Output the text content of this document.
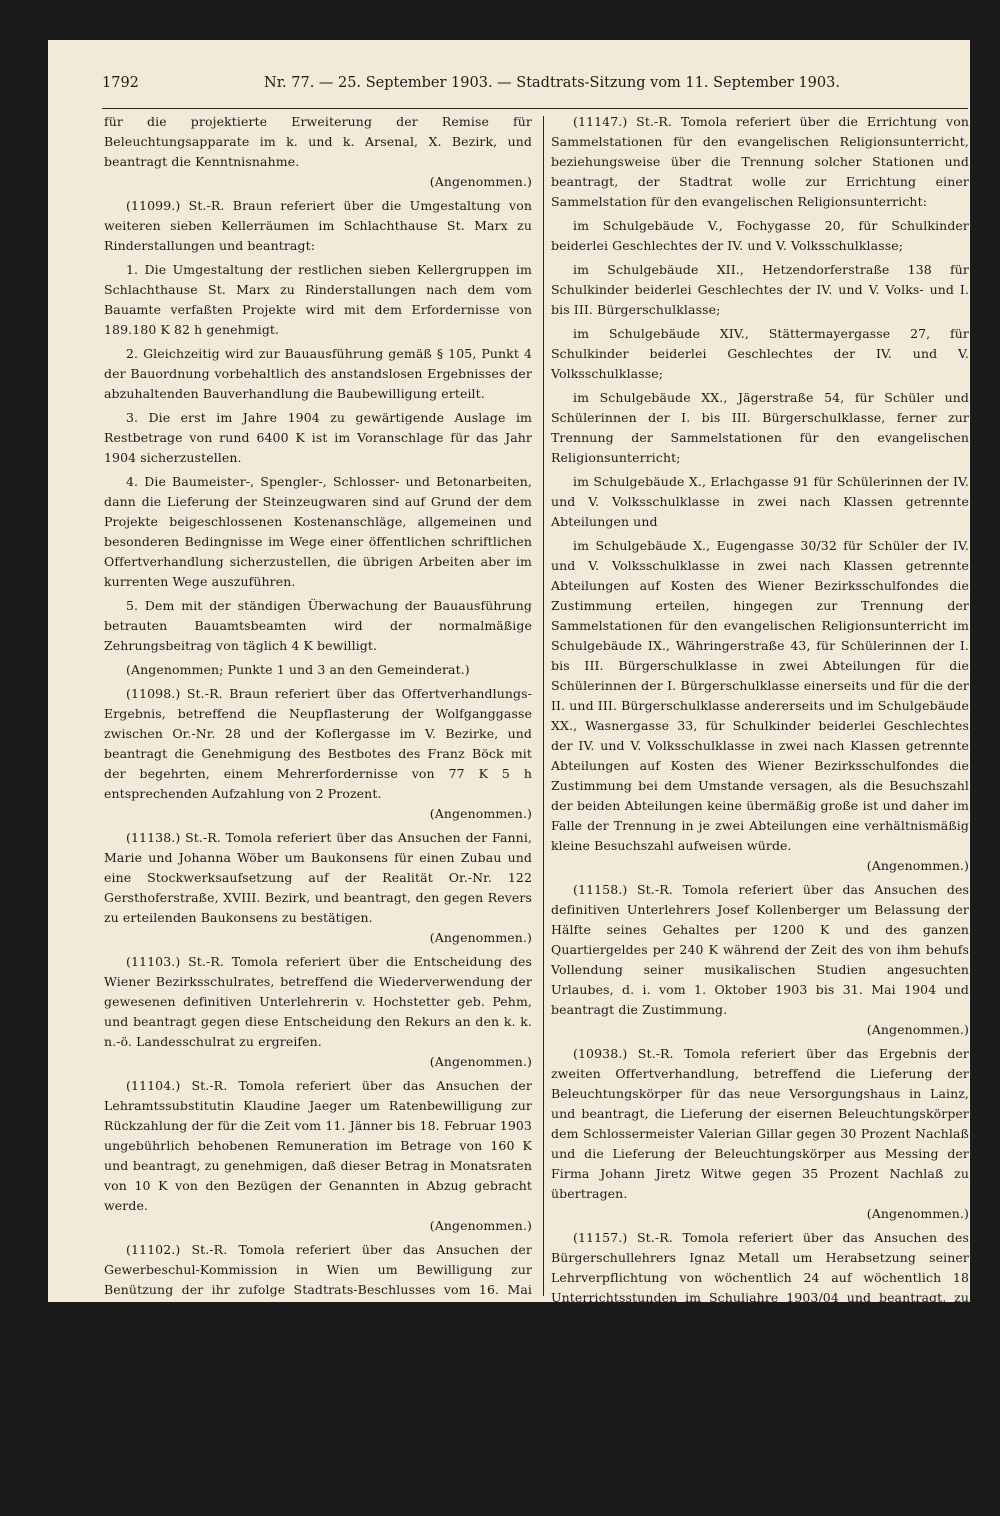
1792	Nr. 77. — 25. September 1903. — Stadtrats-Sitzung vom 11. September 1903.

für die projektierte Erweiterung der Remise für Beleuchtungsapparate im k. und k. Arsenal, X. Bezirk, und beantragt die Kenntnisnahme.
(Angenommen.)

(11099.) St.-R. Braun referiert über die Umgestaltung von weiteren sieben Kellerräumen im Schlachthause St. Marx zu Rinderstallungen und beantragt:

1. Die Umgestaltung der restlichen sieben Kellergruppen im Schlachthause St. Marx zu Rinderstallungen nach dem vom Bauamte verfaßten Projekte wird mit dem Erfordernisse von 189.180 K 82 h genehmigt.

2. Gleichzeitig wird zur Bauausführung gemäß § 105, Punkt 4 der Bauordnung vorbehaltlich des anstandslosen Ergebnisses der abzuhaltenden Bauverhandlung die Baubewilligung erteilt.

3. Die erst im Jahre 1904 zu gewärtigende Auslage im Restbetrage von rund 6400 K ist im Voranschlage für das Jahr 1904 sicherzustellen.

4. Die Baumeister-, Spengler-, Schlosser- und Betonarbeiten, dann die Lieferung der Steinzeugwaren sind auf Grund der dem Projekte beigeschlossenen Kostenanschläge, allgemeinen und besonderen Bedingnisse im Wege einer öffentlichen schriftlichen Offertverhandlung sicherzustellen, die übrigen Arbeiten aber im kurrenten Wege auszuführen.

5. Dem mit der ständigen Überwachung der Bauausführung betrauten Bauamtsbeamten wird der normalmäßige Zehrungsbeitrag von täglich 4 K bewilligt.

(Angenommen; Punkte 1 und 3 an den Gemeinderat.)

(11098.) St.-R. Braun referiert über das Offertverhandlungs-Ergebnis, betreffend die Neupflasterung der Wolfganggasse zwischen Or.-Nr. 28 und der Koflergasse im V. Bezirke, und beantragt die Genehmigung des Bestbotes des Franz Böck mit der begehrten, einem Mehrerfordernisse von 77 K 5 h entsprechenden Aufzahlung von 2 Prozent.
(Angenommen.)

(11138.) St.-R. Tomola referiert über das Ansuchen der Fanni, Marie und Johanna Wöber um Baukonsens für einen Zubau und eine Stockwerksaufsetzung auf der Realität Or.-Nr. 122 Gersthoferstraße, XVIII. Bezirk, und beantragt, den gegen Revers zu erteilenden Baukonsens zu bestätigen.
(Angenommen.)

(11103.) St.-R. Tomola referiert über die Entscheidung des Wiener Bezirksschulrates, betreffend die Wiederverwendung der gewesenen definitiven Unterlehrerin v. Hochstetter geb. Pehm, und beantragt gegen diese Entscheidung den Rekurs an den k. k. n.-ö. Landesschulrat zu ergreifen.
(Angenommen.)

(11104.) St.-R. Tomola referiert über das Ansuchen der Lehramtssubstitutin Klaudine Jaeger um Ratenbewilligung zur Rückzahlung der für die Zeit vom 11. Jänner bis 18. Februar 1903 ungebührlich behobenen Remuneration im Betrage von 160 K und beantragt, zu genehmigen, daß dieser Betrag in Monatsraten von 10 K von den Bezügen der Genannten in Abzug gebracht werde.
(Angenommen.)

(11102.) St.-R. Tomola referiert über das Ansuchen der Gewerbeschul-Kommission in Wien um Bewilligung zur Benützung der ihr zufolge Stadtrats-Beschlusses vom 16. Mai 1903, Z. 6072, für die Zwecke der gewerblichen Fortbildungsschule überlassenen Räumlichkeiten der Knaben-Bürgerschule III., Hörnesgasse 12, statt an Mittwochen an Donnerstagen und beantragt die Genehmigung nach dem Magistrats-Antrage.
(Angenommen.)

(11147.) St.-R. Tomola referiert über die Errichtung von Sammelstationen für den evangelischen Religionsunterricht, beziehungsweise über die Trennung solcher Stationen und beantragt, der Stadtrat wolle zur Errichtung einer Sammelstation für den evangelischen Religionsunterricht:

im Schulgebäude V., Fochygasse 20, für Schulkinder beiderlei Geschlechtes der IV. und V. Volksschulklasse;

im Schulgebäude XII., Hetzendorferstraße 138 für Schulkinder beiderlei Geschlechtes der IV. und V. Volks- und I. bis III. Bürgerschulklasse;

im Schulgebäude XIV., Stättermayergasse 27, für Schulkinder beiderlei Geschlechtes der IV. und V. Volksschulklasse;

im Schulgebäude XX., Jägerstraße 54, für Schüler und Schülerinnen der I. bis III. Bürgerschulklasse, ferner zur Trennung der Sammelstationen für den evangelischen Religionsunterricht;

im Schulgebäude X., Erlachgasse 91 für Schülerinnen der IV. und V. Volksschulklasse in zwei nach Klassen getrennte Abteilungen und

im Schulgebäude X., Eugengasse 30/32 für Schüler der IV. und V. Volksschulklasse in zwei nach Klassen getrennte Abteilungen auf Kosten des Wiener Bezirksschulfondes die Zustimmung erteilen, hingegen zur Trennung der Sammelstationen für den evangelischen Religionsunterricht im Schulgebäude IX., Währingerstraße 43, für Schülerinnen der I. bis III. Bürgerschulklasse in zwei Abteilungen für die Schülerinnen der I. Bürgerschulklasse einerseits und für die der II. und III. Bürgerschulklasse andererseits und im Schulgebäude XX., Wasnergasse 33, für Schulkinder beiderlei Geschlechtes der IV. und V. Volksschulklasse in zwei nach Klassen getrennte Abteilungen auf Kosten des Wiener Bezirksschulfondes die Zustimmung bei dem Umstande versagen, als die Besuchszahl der beiden Abteilungen keine übermäßig große ist und daher im Falle der Trennung in je zwei Abteilungen eine verhältnismäßig kleine Besuchszahl aufweisen würde.
(Angenommen.)

(11158.) St.-R. Tomola referiert über das Ansuchen des definitiven Unterlehrers Josef Kollenberger um Belassung der Hälfte seines Gehaltes per 1200 K und des ganzen Quartiergeldes per 240 K während der Zeit des von ihm behufs Vollendung seiner musikalischen Studien angesuchten Urlaubes, d. i. vom 1. Oktober 1903 bis 31. Mai 1904 und beantragt die Zustimmung.
(Angenommen.)

(10938.) St.-R. Tomola referiert über das Ergebnis der zweiten Offertverhandlung, betreffend die Lieferung der Beleuchtungskörper für das neue Versorgungshaus in Lainz, und beantragt, die Lieferung der eisernen Beleuchtungskörper dem Schlossermeister Valerian Gillar gegen 30 Prozent Nachlaß und die Lieferung der Beleuchtungskörper aus Messing der Firma Johann Jiretz Witwe gegen 35 Prozent Nachlaß zu übertragen.
(Angenommen.)

(11157.) St.-R. Tomola referiert über das Ansuchen des Bürgerschullehrers Ignaz Metall um Herabsetzung seiner Lehrverpflichtung von wöchentlich 24 auf wöchentlich 18 Unterrichtsstunden im Schuljahre 1903/04 und beantragt, zu dieser Herabsetzung gegen Ersatz der erwachsenden Supplierungskosten die Zustimmung zu erteilen.
(Angenommen.)

(11156.) St.-R. Tomola referiert über das Ansuchen der Gesellschaft zur Gründung eines österreichischen Schulmuseums um leihweise Überlassung von Einrichtungsgegenständen der ehemaligen permanenten Lehrmittelausstellung der Gemeinde Wien und beantragt die Genehmigung nach dem Magistrats-Antrage.
(Angenommen.)
